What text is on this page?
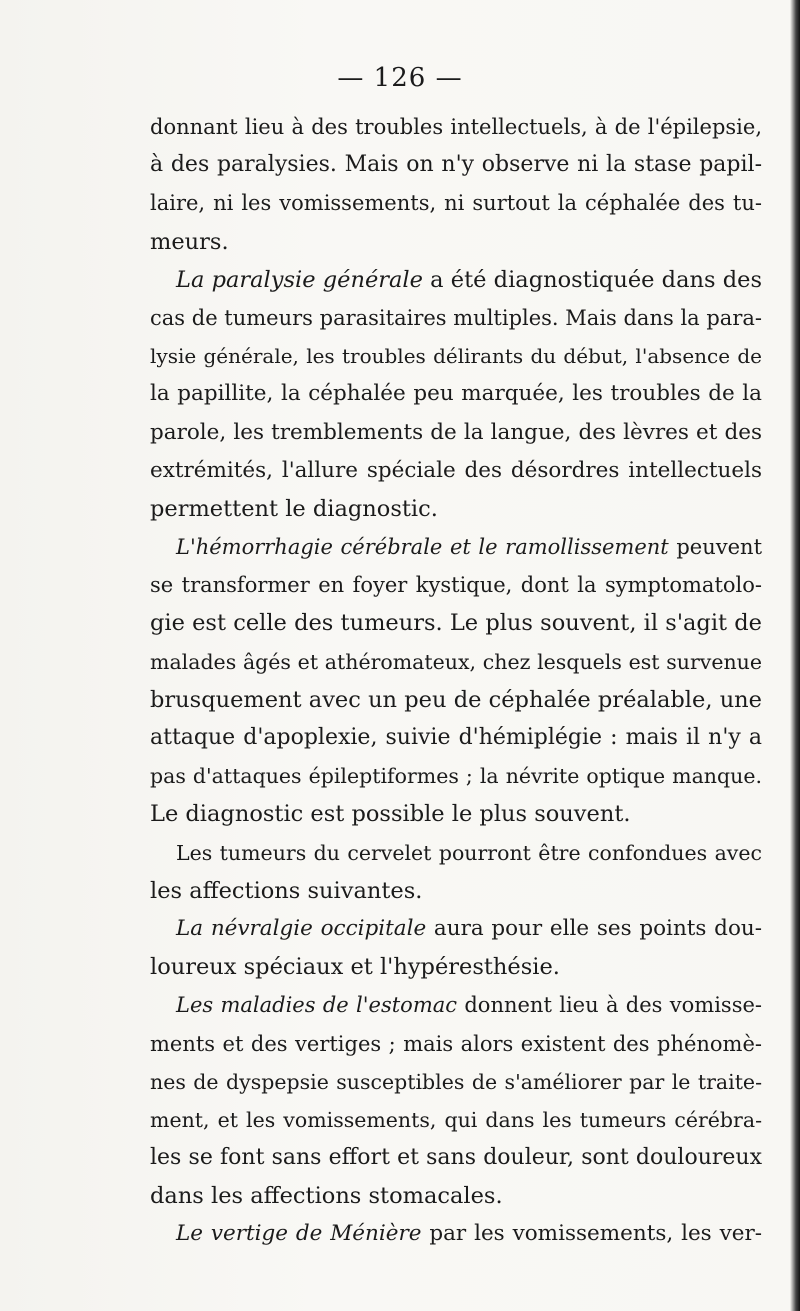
— 126 —
donnant lieu à des troubles intellectuels, à de l'épilepsie,
à des paralysies. Mais on n'y observe ni la stase papil-
laire, ni les vomissements, ni surtout la céphalée des tu-
meurs.
La paralysie générale a été diagnostiquée dans des
cas de tumeurs parasitaires multiples. Mais dans la para-
lysie générale, les troubles délirants du début, l'absence de
la papillite, la céphalée peu marquée, les troubles de la
parole, les tremblements de la langue, des lèvres et des
extrémités, l'allure spéciale des désordres intellectuels
permettent le diagnostic.
L'hémorrhagie cérébrale et le ramollissement peuvent
se transformer en foyer kystique, dont la symptomatolo-
gie est celle des tumeurs. Le plus souvent, il s'agit de
malades âgés et athéromateux, chez lesquels est survenue
brusquement avec un peu de céphalée préalable, une
attaque d'apoplexie, suivie d'hémiplégie : mais il n'y a
pas d'attaques épileptiformes ; la névrite optique manque.
Le diagnostic est possible le plus souvent.
Les tumeurs du cervelet pourront être confondues avec
les affections suivantes.
La névralgie occipitale aura pour elle ses points dou-
loureux spéciaux et l'hypéresthésie.
Les maladies de l'estomac donnent lieu à des vomisse-
ments et des vertiges ; mais alors existent des phénomè-
nes de dyspepsie susceptibles de s'améliorer par le traite-
ment, et les vomissements, qui dans les tumeurs cérébra-
les se font sans effort et sans douleur, sont douloureux
dans les affections stomacales.
Le vertige de Ménière par les vomissements, les ver-
